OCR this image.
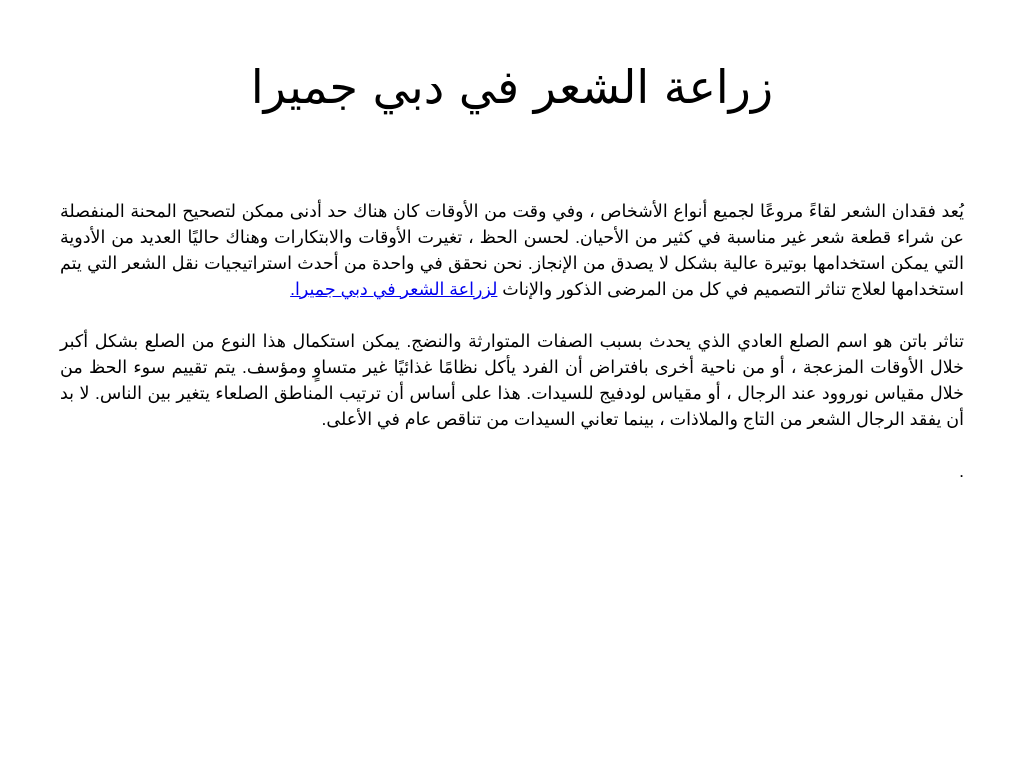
زراعة الشعر في دبي جميرا

يُعد فقدان الشعر لقاءً مروعًا لجميع أنواع الأشخاص ، وفي وقت من الأوقات كان هناك حد أدنى ممكن لتصحيح المحنة المنفصلة عن شراء قطعة شعر غير مناسبة في كثير من الأحيان. لحسن الحظ ، تغيرت الأوقات والابتكارات وهناك حاليًا العديد من الأدوية التي يمكن استخدامها بوتيرة عالية بشكل لا يصدق من الإنجاز. نحن نحقق في واحدة من أحدث استراتيجيات نقل الشعر التي يتم استخدامها لعلاج تناثر التصميم في كل من المرضى الذكور والإناث لزراعة الشعر في دبي جميرا.

تناثر باتن هو اسم الصلع العادي الذي يحدث بسبب الصفات المتوارثة والنضج. يمكن استكمال هذا النوع من الصلع بشكل أكبر خلال الأوقات المزعجة ، أو من ناحية أخرى بافتراض أن الفرد يأكل نظامًا غذائيًا غير متساوٍ ومؤسف. يتم تقييم سوء الحظ من خلال مقياس نوروود عند الرجال ، أو مقياس لودفيج للسيدات. هذا على أساس أن ترتيب المناطق الصلعاء يتغير بين الناس. لا بد أن يفقد الرجال الشعر من التاج والملاذات ، بينما تعاني السيدات من تناقص عام في الأعلى.

.
